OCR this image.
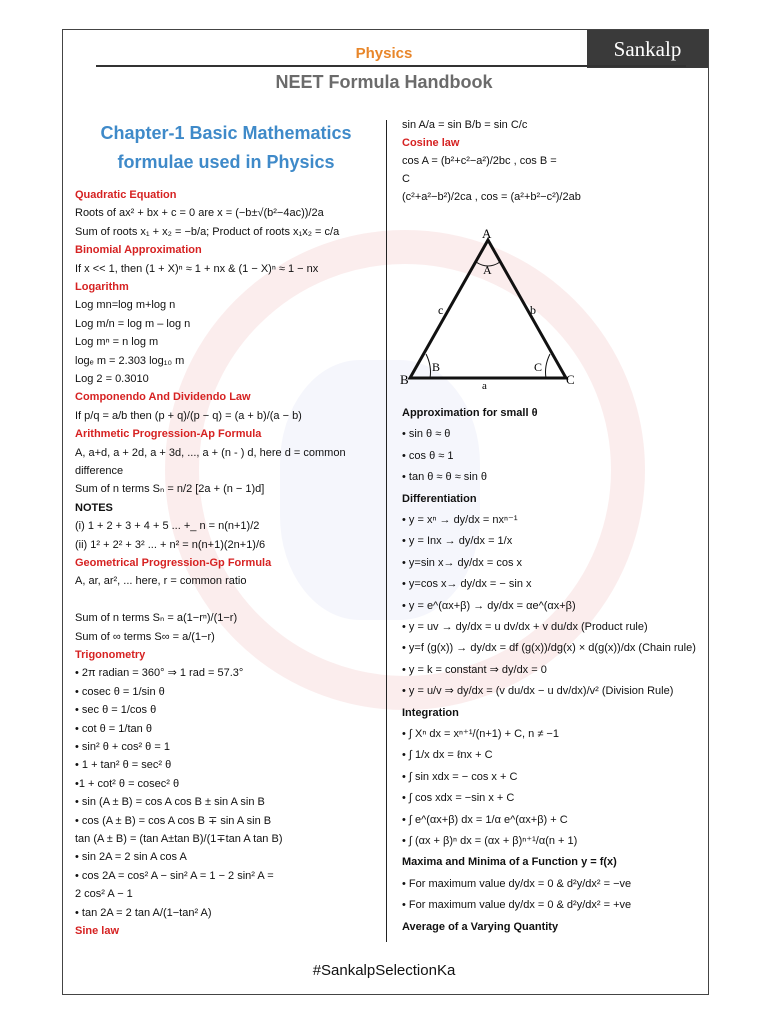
Sankalp
Physics
NEET Formula Handbook
Chapter-1 Basic Mathematics
formulae used in Physics
Quadratic Equation
Roots of ax² + bx + c = 0 are x = (−b±√(b²−4ac))/2a
Sum of roots x₁ + x₂ = −b/a; Product of roots x₁x₂ = c/a
Binomial Approximation
If x << 1, then (1 + X)ⁿ ≈ 1 + nx & (1 − X)ⁿ ≈ 1 − nx
Logarithm
Log mn=log m+log n
Log m/n = log m – log n
Log mⁿ = n log m
logₑ m = 2.303 log₁₀ m
Log 2 = 0.3010
Componendo And Dividendo Law
If p/q = a/b then (p + q)/(p − q) = (a + b)/(a − b)
Arithmetic Progression-Ap Formula
A, a+d, a + 2d, a + 3d, ..., a + (n - ) d, here d = common
difference
Sum of n terms Sₙ = n/2 [2a + (n − 1)d]
NOTES
(i) 1 + 2 + 3 + 4 + 5 ... +_ n = n(n+1)/2
(ii) 1² + 2² + 3² ... + n² = n(n+1)(2n+1)/6
Geometrical Progression-Gp Formula
A, ar, ar², ... here, r = common ratio
Sum of n terms Sₙ = a(1−rⁿ)/(1−r)
Sum of ∞ terms S∞ = a/(1−r)
Trigonometry
• 2π radian = 360° ⇒ 1 rad = 57.3°
• cosec θ = 1/sin θ
• sec θ = 1/cos θ
• cot θ = 1/tan θ
• sin² θ + cos² θ = 1
• 1 + tan² θ = sec² θ
•1 + cot² θ = cosec² θ
• sin (A ± B) = cos A cos B ± sin A sin B
• cos (A ± B) = cos A cos B ∓ sin A sin B
tan (A ± B) = (tan A±tan B)/(1∓tan A tan B)
• sin 2A = 2 sin A cos A
• cos 2A = cos² A − sin² A = 1 − 2 sin² A =
2 cos² A − 1
• tan 2A = 2 tan A/(1−tan² A)
Sine law
sin A/a = sin B/b = sin C/c
Cosine law
cos A = (b²+c²−a²)/2bc , cos B =
C
(c²+a²−b²)/2ca , cos = (a²+b²−c²)/2ab
Approximation for small θ
• sin θ ≈ θ
• cos θ ≈ 1
• tan θ ≈ θ ≈ sin θ
Differentiation
• y = xⁿ → dy/dx = nxⁿ⁻¹
• y = Inx → dy/dx = 1/x
• y=sin x→ dy/dx = cos x
• y=cos x→ dy/dx = − sin x
• y = e^(αx+β) → dy/dx = αe^(αx+β)
• y = uv → dy/dx = u dv/dx + v du/dx (Product rule)
• y=f (g(x)) → dy/dx = df (g(x))/dg(x) × d(g(x))/dx (Chain rule)
• y = k = constant ⇒ dy/dx = 0
• y = u/v ⇒ dy/dx = (v du/dx − u dv/dx)/v² (Division Rule)
Integration
• ∫ Xⁿ dx = xⁿ⁺¹/(n+1) + C, n ≠ −1
• ∫ 1/x dx = ℓnx + C
• ∫ sin xdx = − cos x + C
• ∫ cos xdx = −sin x + C
• ∫ e^(αx+β) dx = 1/α e^(αx+β) + C
• ∫ (αx + β)ⁿ dx = (αx + β)ⁿ⁺¹/α(n + 1)
Maxima and Minima of a Function y = f(x)
• For maximum value dy/dx = 0 & d²y/dx² = −ve
• For maximum value dy/dx = 0 & d²y/dx² = +ve
Average of a Varying Quantity
A
A
B
B
C
C
a
b
c
#SankalpSelectionKa
